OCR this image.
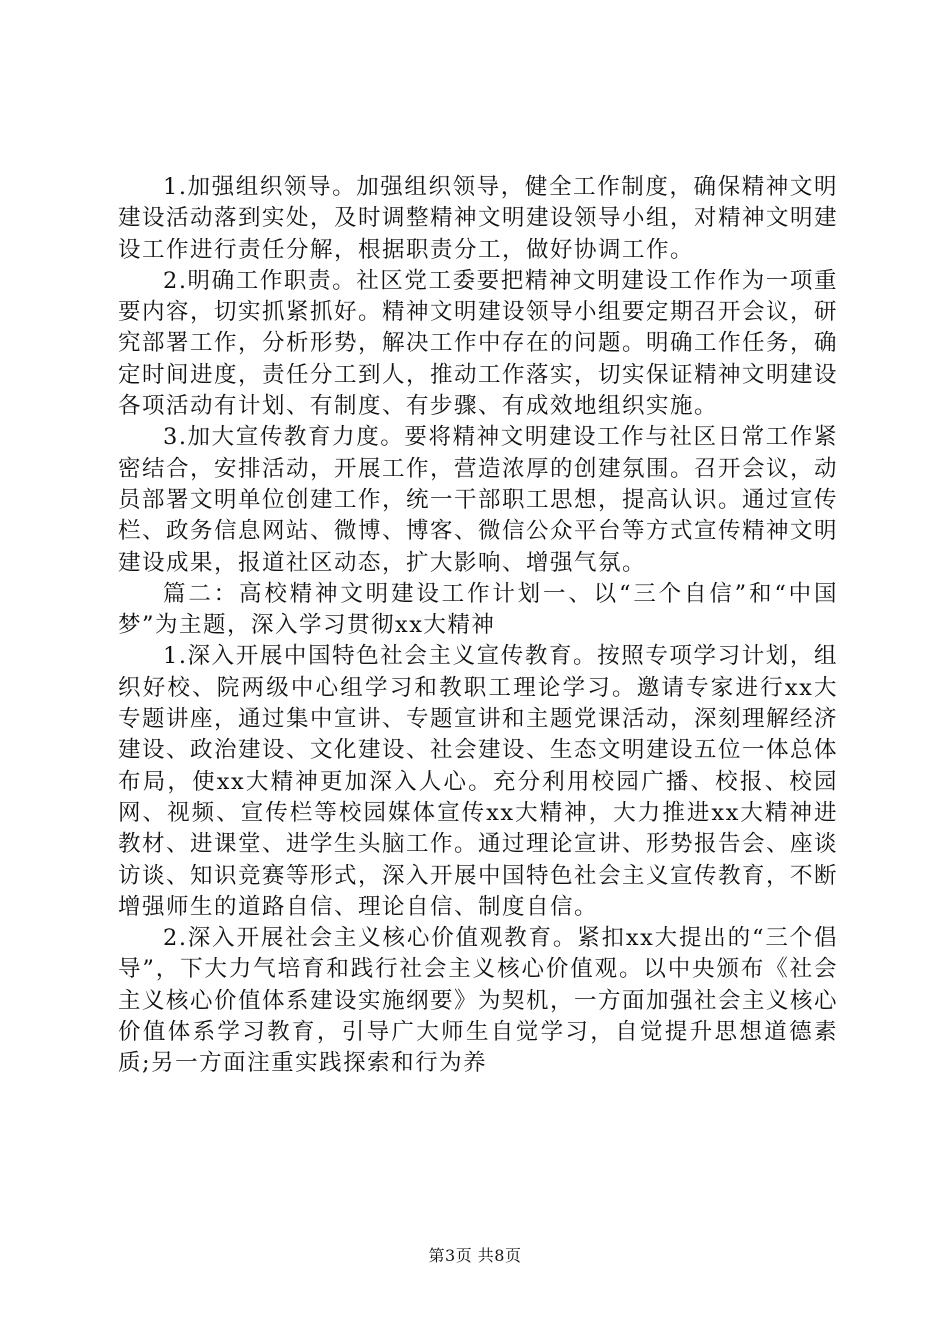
1.加强组织领导。加强组织领导，健全工作制度，确保精神文明建设活动落到实处，及时调整精神文明建设领导小组，对精神文明建设工作进行责任分解，根据职责分工，做好协调工作。

2.明确工作职责。社区党工委要把精神文明建设工作作为一项重要内容，切实抓紧抓好。精神文明建设领导小组要定期召开会议，研究部署工作，分析形势，解决工作中存在的问题。明确工作任务，确定时间进度，责任分工到人，推动工作落实，切实保证精神文明建设各项活动有计划、有制度、有步骤、有成效地组织实施。

3.加大宣传教育力度。要将精神文明建设工作与社区日常工作紧密结合，安排活动，开展工作，营造浓厚的创建氛围。召开会议，动员部署文明单位创建工作，统一干部职工思想，提高认识。通过宣传栏、政务信息网站、微博、博客、微信公众平台等方式宣传精神文明建设成果，报道社区动态，扩大影响、增强气氛。

篇二：高校精神文明建设工作计划一、以“三个自信”和“中国梦”为主题，深入学习贯彻xx大精神

1.深入开展中国特色社会主义宣传教育。按照专项学习计划，组织好校、院两级中心组学习和教职工理论学习。邀请专家进行xx大专题讲座，通过集中宣讲、专题宣讲和主题党课活动，深刻理解经济建设、政治建设、文化建设、社会建设、生态文明建设五位一体总体布局，使xx大精神更加深入人心。充分利用校园广播、校报、校园网、视频、宣传栏等校园媒体宣传xx大精神，大力推进xx大精神进教材、进课堂、进学生头脑工作。通过理论宣讲、形势报告会、座谈访谈、知识竞赛等形式，深入开展中国特色社会主义宣传教育，不断增强师生的道路自信、理论自信、制度自信。

2.深入开展社会主义核心价值观教育。紧扣xx大提出的“三个倡导”，下大力气培育和践行社会主义核心价值观。以中央颁布《社会主义核心价值体系建设实施纲要》为契机，一方面加强社会主义核心价值体系学习教育，引导广大师生自觉学习，自觉提升思想道德素质;另一方面注重实践探索和行为养

第3页 共8页
